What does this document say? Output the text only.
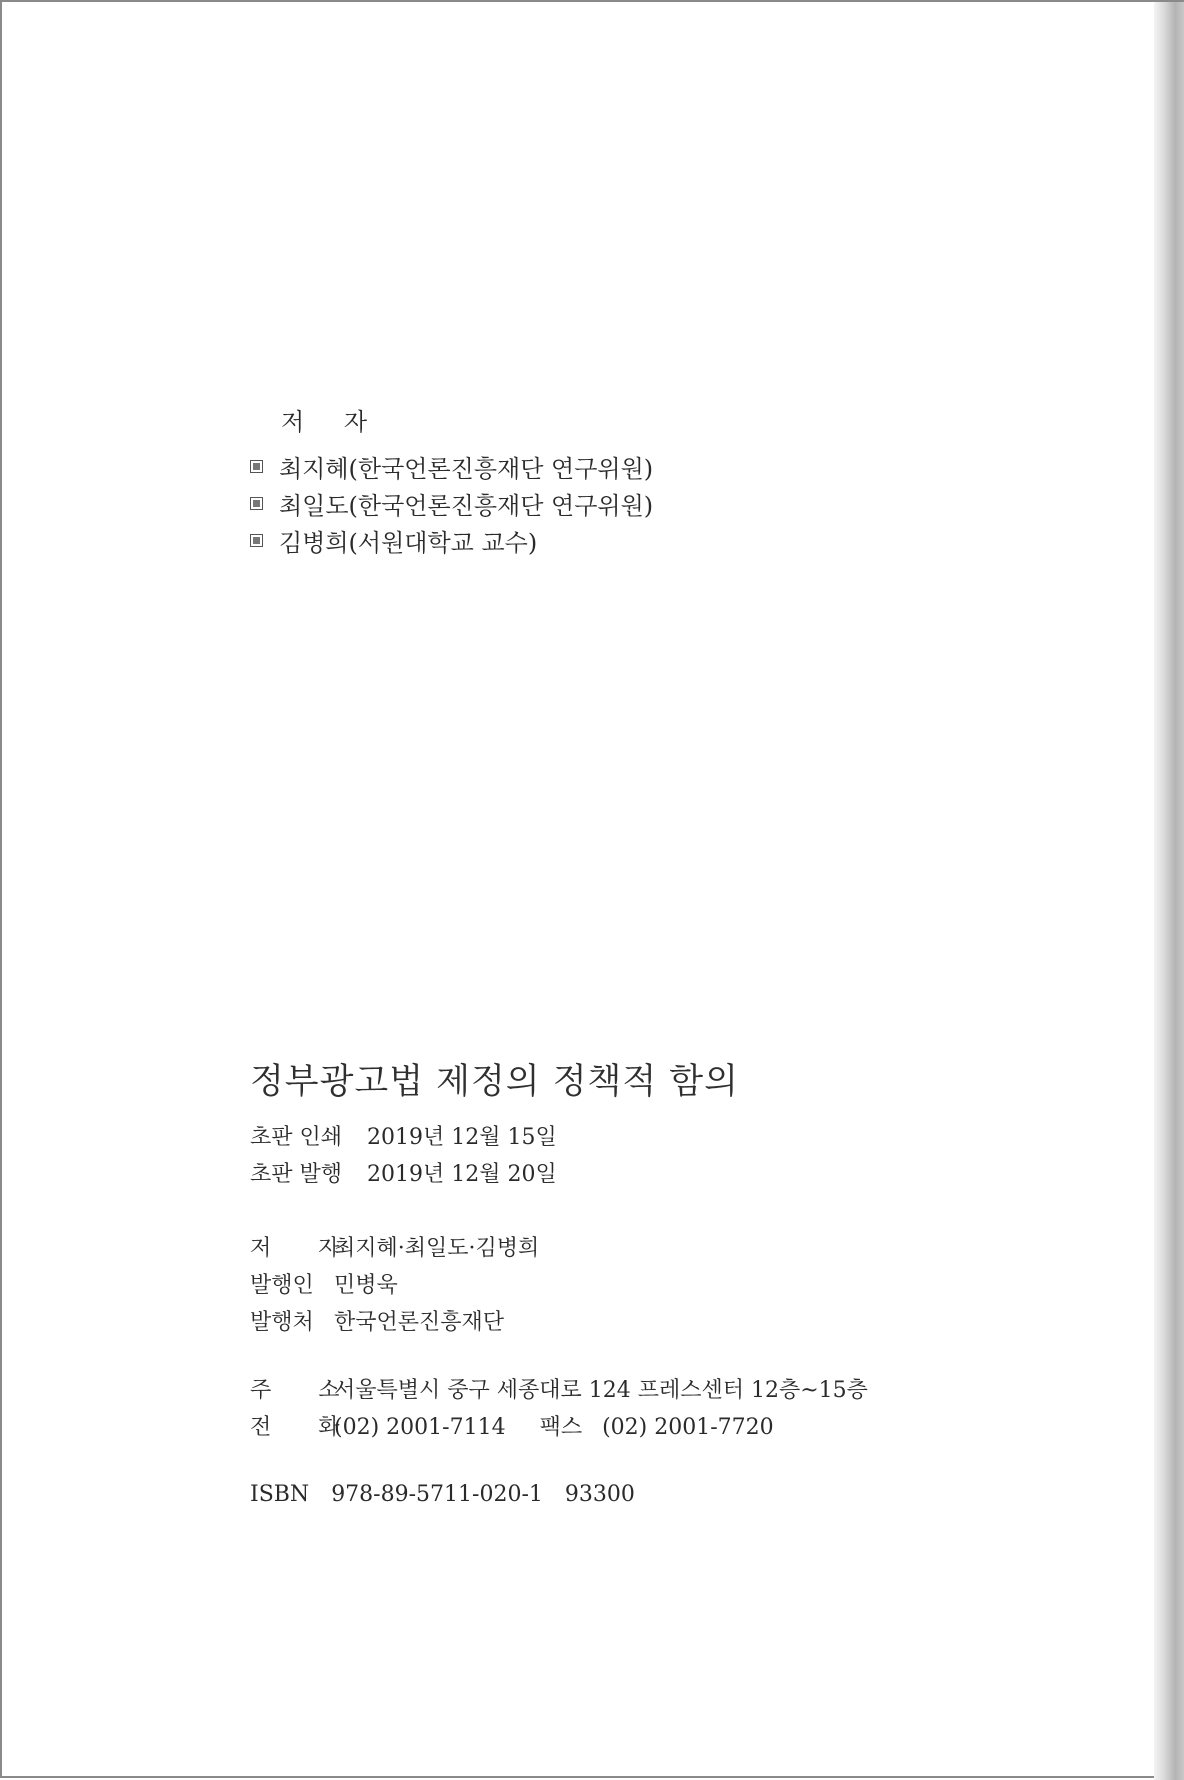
저 자
최지혜(한국언론진흥재단 연구위원)
최일도(한국언론진흥재단 연구위원)
김병희(서원대학교 교수)
정부광고법 제정의 정책적 함의
초판 인쇄	2019년 12월 15일
초판 발행	2019년 12월 20일
저 자
최지혜·최일도·김병희
발행인 민병욱
발행처 한국언론진흥재단
주 소
서울특별시 중구 세종대로 124 프레스센터 12층~15층
전 화
(02) 2001-7114 팩스 (02) 2001-7720
ISBN 978-89-5711-020-1 93300
